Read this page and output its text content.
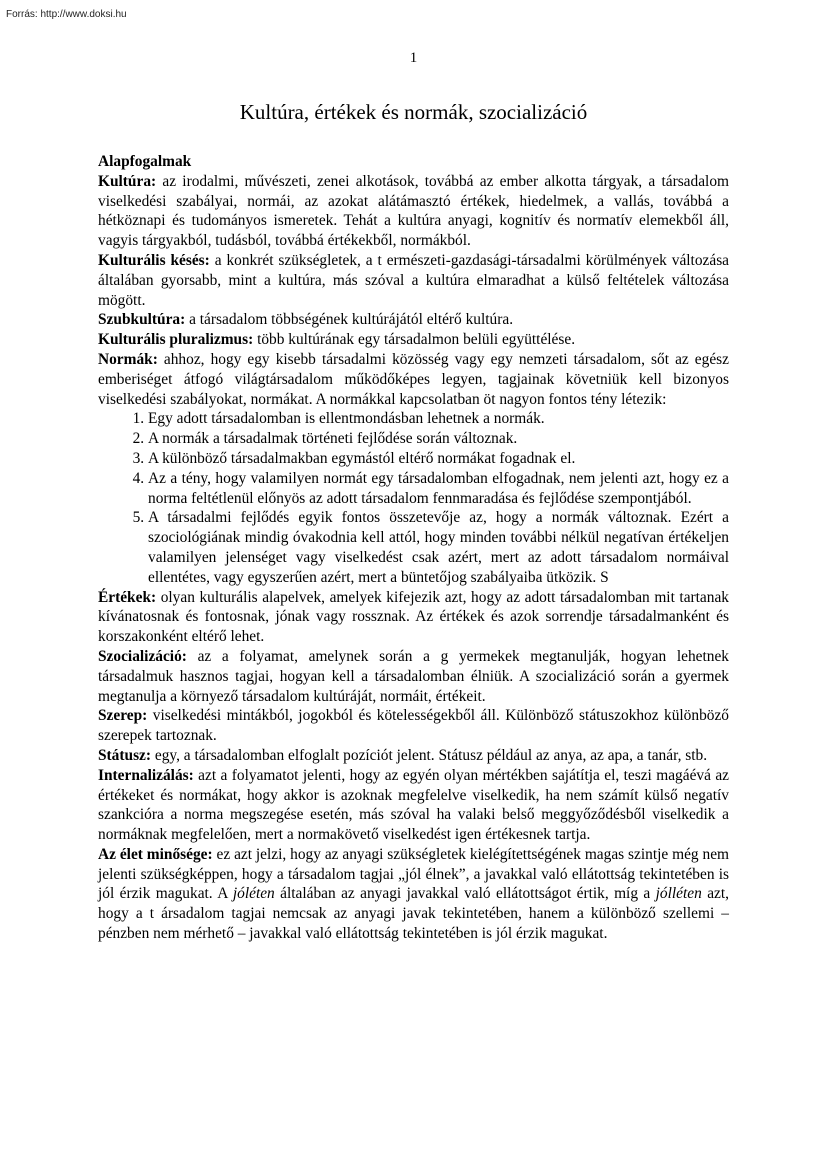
Forrás: http://www.doksi.hu
1
Kultúra, értékek és normák, szocializáció

Alapfogalmak

Kultúra: az irodalmi, művészeti, zenei alkotások, továbbá az ember alkotta tárgyak, a társadalom viselkedési szabályai, normái, az azokat alátámasztó értékek, hiedelmek, a vallás, továbbá a hétköznapi és tudományos ismeretek. Tehát a kultúra anyagi, kognitív és normatív elemekből áll, vagyis tárgyakból, tudásból, továbbá értékekből, normákból.

Kulturális késés: a konkrét szükségletek, a t ermészeti-gazdasági-társadalmi körülmények változása általában gyorsabb, mint a kultúra, más szóval a kultúra elmaradhat a külső feltételek változása mögött.

Szubkultúra: a társadalom többségének kultúrájától eltérő kultúra.

Kulturális pluralizmus: több kultúrának egy társadalmon belüli együttélése.

Normák: ahhoz, hogy egy kisebb társadalmi közösség vagy egy nemzeti társadalom, sőt az egész emberiséget átfogó világtársadalom működőképes legyen, tagjainak követniük kell bizonyos viselkedési szabályokat, normákat. A normákkal kapcsolatban öt nagyon fontos tény létezik:

1. Egy adott társadalomban is ellentmondásban lehetnek a normák.
2. A normák a társadalmak történeti fejlődése során változnak.
3. A különböző társadalmakban egymástól eltérő normákat fogadnak el.
4. Az a tény, hogy valamilyen normát egy társadalomban elfogadnak, nem jelenti azt, hogy ez a norma feltétlenül előnyös az adott társadalom fennmaradása és fejlődése szempontjából.
5. A társadalmi fejlődés egyik fontos összetevője az, hogy a normák változnak. Ezért a szociológiának mindig óvakodnia kell attól, hogy minden további nélkül negatívan értékeljen valamilyen jelenséget vagy viselkedést csak azért, mert az adott társadalom normáival ellentétes, vagy egyszerűen azért, mert a büntetőjog szabályaiba ütközik. S

Értékek: olyan kulturális alapelvek, amelyek kifejezik azt, hogy az adott társadalomban mit tartanak kívánatosnak és fontosnak, jónak vagy rossznak. Az értékek és azok sorrendje társadalmanként és korszakonként eltérő lehet.

Szocializáció: az a folyamat, amelynek során a g yermekek megtanulják, hogyan lehetnek társadalmuk hasznos tagjai, hogyan kell a társadalomban élniük. A szocializáció során a gyermek megtanulja a környező társadalom kultúráját, normáit, értékeit.

Szerep: viselkedési mintákból, jogokból és kötelességekből áll. Különböző státuszokhoz különböző szerepek tartoznak.

Státusz: egy, a társadalomban elfoglalt pozíciót jelent. Státusz például az anya, az apa, a tanár, stb.

Internalizálás: azt a folyamatot jelenti, hogy az egyén olyan mértékben sajátítja el, teszi magáévá az értékeket és normákat, hogy akkor is azoknak megfelelve viselkedik, ha nem számít külső negatív szankcióra a norma megszegése esetén, más szóval ha valaki belső meggyőződésből viselkedik a normáknak megfelelően, mert a normakövető viselkedést igen értékesnek tartja.

Az élet minősége: ez azt jelzi, hogy az anyagi szükségletek kielégítettségének magas szintje még nem jelenti szükségképpen, hogy a társadalom tagjai „jól élnek”, a javakkal való ellátottság tekintetében is jól érzik magukat. A jóléten általában az anyagi javakkal való ellátottságot értik, míg a jólléten azt, hogy a t ársadalom tagjai nemcsak az anyagi javak tekintetében, hanem a különböző szellemi – pénzben nem mérhető – javakkal való ellátottság tekintetében is jól érzik magukat.
